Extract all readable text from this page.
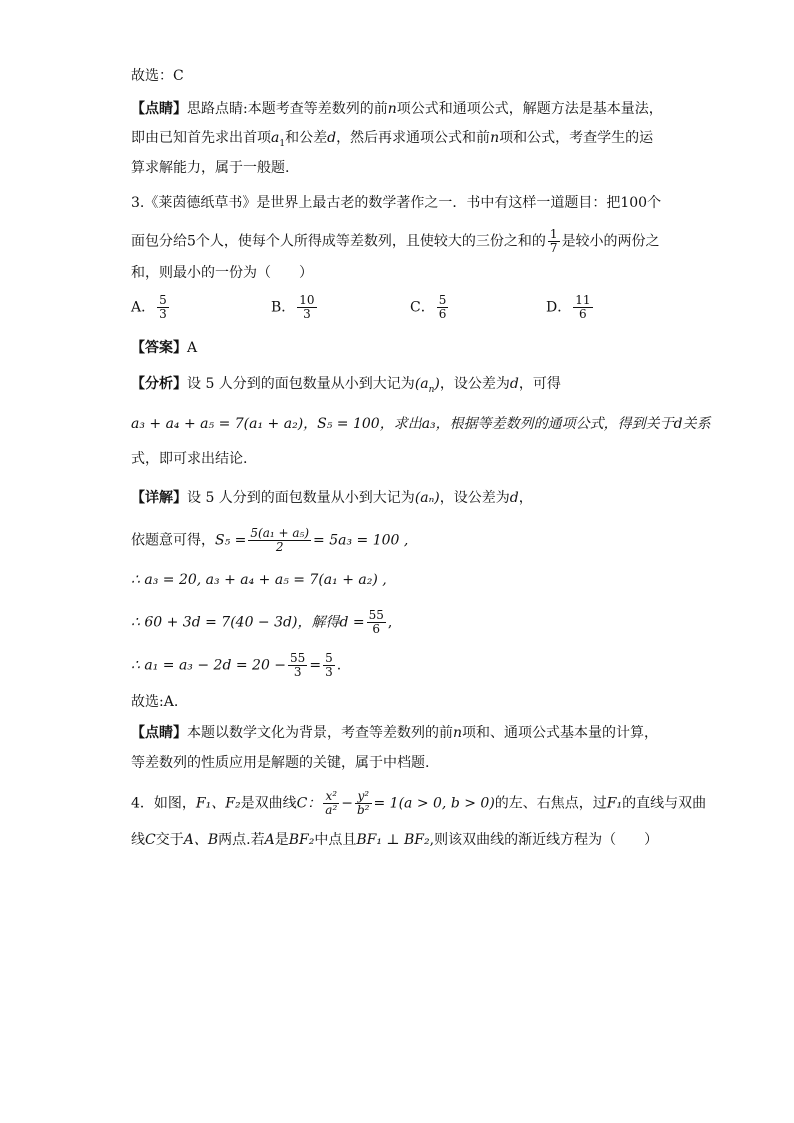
故选：C
【点睛】思路点睛:本题考查等差数列的前n项公式和通项公式，解题方法是基本量法，
即由已知首先求出首项$a_1$和公差d，然后再求通项公式和前n项和公式，考查学生的运
算求解能力，属于一般题.
3.《莱茵德纸草书》是世界上最古老的数学著作之一．书中有这样一道题目：把100个
面包分给5个人，使每个人所得成等差数列，且使较大的三份之和的 $\frac{1}{7}$ 是较小的两份之
和，则最小的一份为（　　）
A． $\frac{5}{3}$	B． $\frac{10}{3}$	C． $\frac{5}{6}$	D． $\frac{11}{6}$
【答案】A
【分析】设 5 人分到的面包数量从小到大记为$(a_n)$，设公差为d，可得
a₃ + a₄ + a₅ = 7(a₁ + a₂)，S₅ = 100，求出a₃，根据等差数列的通项公式，得到关于d关系
式，即可求出结论.
【详解】设 5 人分到的面包数量从小到大记为(aₙ)，设公差为d，
依题意可得，$S_5 = \frac{\text{5(a₁ + a₅)}}{2} = 5a_3 = 100$ ,
∴ a₃ = 20, a₃ + a₄ + a₅ = 7(a₁ + a₂) ,
∴ 60 + 3d = 7(40 − 3d)，解得$d = \frac{55}{6}$ ,
∴ $a_1 = a_3 - 2d = 20 - \frac{55}{3} = \frac{5}{3}$ .
故选:A.
【点睛】本题以数学文化为背景，考查等差数列的前n项和、通项公式基本量的计算，
等差数列的性质应用是解题的关键，属于中档题.
4．如图，F₁、F₂是双曲线C： $\frac{\text{x²}}{\text{a²}} - \frac{\text{y²}}{\text{b²}} = 1(a > 0$, b > 0)的左、右焦点，过F₁的直线与双曲
线C交于A、B两点.若A是BF₂中点且BF₁ ⊥ BF₂,则该双曲线的渐近线方程为（　　）
